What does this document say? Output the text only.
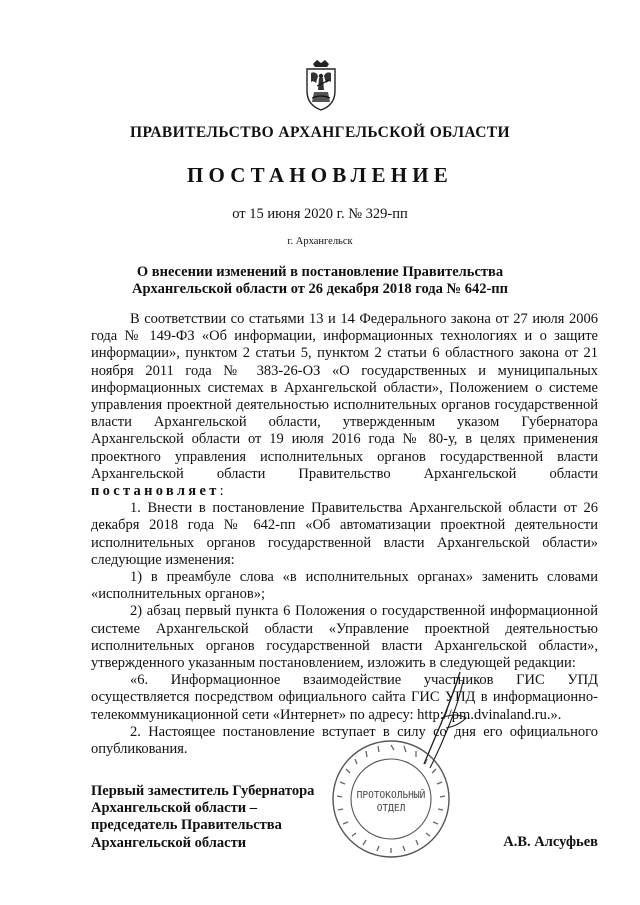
ПРАВИТЕЛЬСТВО АРХАНГЕЛЬСКОЙ ОБЛАСТИ
ПОСТАНОВЛЕНИЕ
от 15 июня 2020 г. № 329-пп
г. Архангельск
О внесении изменений в постановление Правительства
Архангельской области от 26 декабря 2018 года № 642-пп

В соответствии со статьями 13 и 14 Федерального закона от 27 июля 2006 года № 149-ФЗ «Об информации, информационных технологиях и о защите информации», пунктом 2 статьи 5, пунктом 2 статьи 6 областного закона от 21 ноября 2011 года № 383-26-ОЗ «О государственных и муниципальных информационных системах в Архангельской области», Положением о системе управления проектной деятельностью исполнительных органов государственной власти Архангельской области, утвержденным указом Губернатора Архангельской области от 19 июля 2016 года № 80-у, в целях применения проектного управления исполнительных органов государственной власти Архангельской области Правительство Архангельской области постановляет:

1. Внести в постановление Правительства Архангельской области от 26 декабря 2018 года № 642-пп «Об автоматизации проектной деятельности исполнительных органов государственной власти Архангельской области» следующие изменения:

1) в преамбуле слова «в исполнительных органах» заменить словами «исполнительных органов»;

2) абзац первый пункта 6 Положения о государственной информационной системе Архангельской области «Управление проектной деятельностью исполнительных органов государственной власти Архангельской области», утвержденного указанным постановлением, изложить в следующей редакции:

«6. Информационное взаимодействие участников ГИС УПД осуществляется посредством официального сайта ГИС УПД в информационно-телекоммуникационной сети «Интернет» по адресу: http://pm.dvinaland.ru.».

2. Настоящее постановление вступает в силу со дня его официального опубликования.

ПРОТОКОЛЬНЫЙ
ОТДЕЛ
Первый заместитель Губернатора
Архангельской области –
председатель Правительства
Архангельской области	А.В. Алсуфьев
